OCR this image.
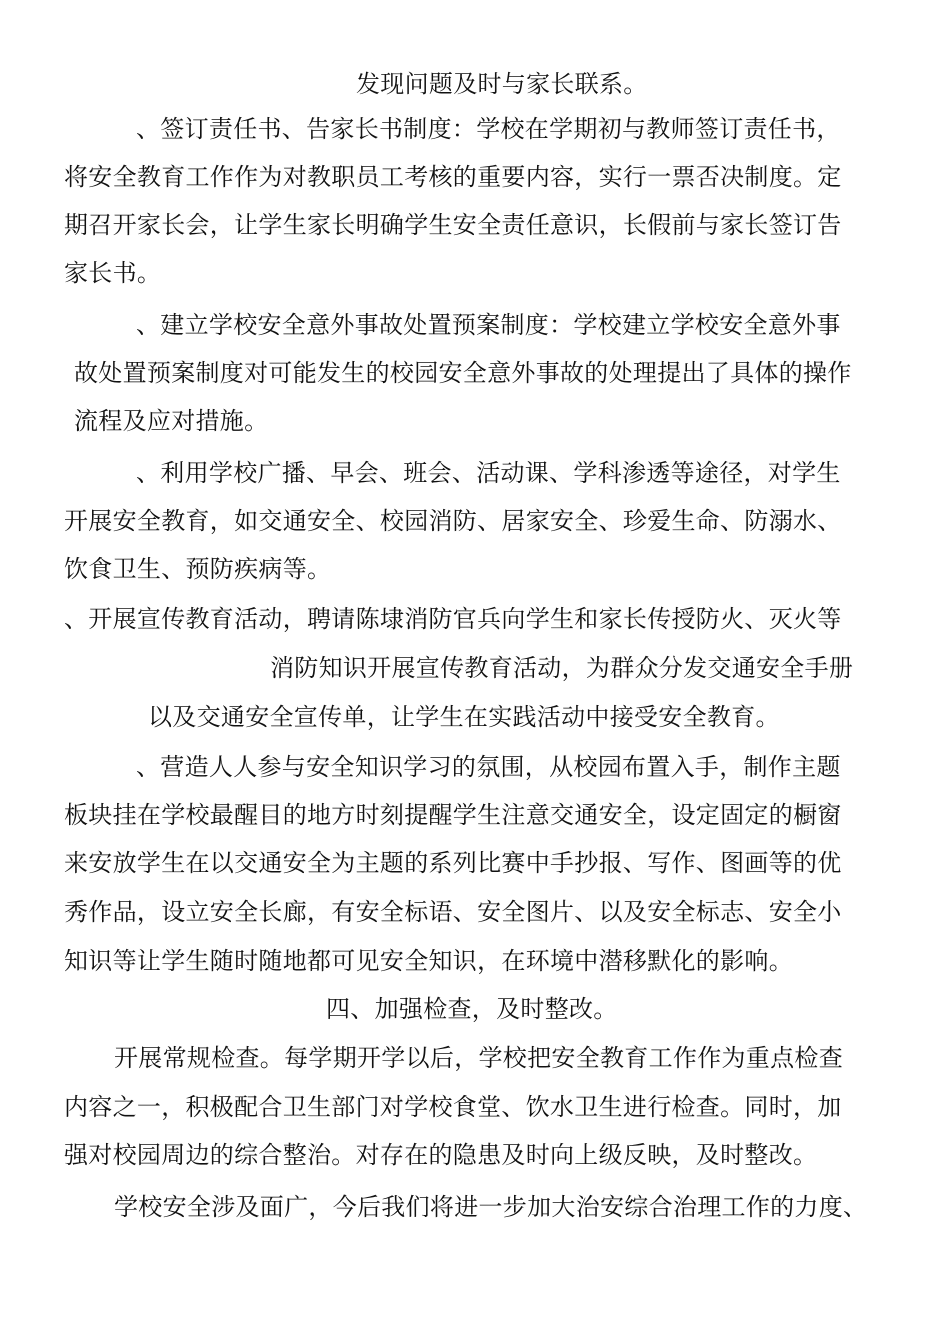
发现问题及时与家长联系。
、签订责任书、告家长书制度：学校在学期初与教师签订责任书，
将安全教育工作作为对教职员工考核的重要内容，实行一票否决制度。定
期召开家长会，让学生家长明确学生安全责任意识，长假前与家长签订告
家长书。
、建立学校安全意外事故处置预案制度：学校建立学校安全意外事
故处置预案制度对可能发生的校园安全意外事故的处理提出了具体的操作
流程及应对措施。
、利用学校广播、早会、班会、活动课、学科渗透等途径，对学生
开展安全教育，如交通安全、校园消防、居家安全、珍爱生命、防溺水、
饮食卫生、预防疾病等。
、开展宣传教育活动，聘请陈埭消防官兵向学生和家长传授防火、灭火等
消防知识开展宣传教育活动，为群众分发交通安全手册
以及交通安全宣传单，让学生在实践活动中接受安全教育。
、营造人人参与安全知识学习的氛围，从校园布置入手，制作主题
板块挂在学校最醒目的地方时刻提醒学生注意交通安全，设定固定的橱窗
来安放学生在以交通安全为主题的系列比赛中手抄报、写作、图画等的优
秀作品，设立安全长廊，有安全标语、安全图片、以及安全标志、安全小
知识等让学生随时随地都可见安全知识，在环境中潜移默化的影响。
四、加强检查，及时整改。
开展常规检查。每学期开学以后，学校把安全教育工作作为重点检查
内容之一，积极配合卫生部门对学校食堂、饮水卫生进行检查。同时，加
强对校园周边的综合整治。对存在的隐患及时向上级反映，及时整改。
学校安全涉及面广，今后我们将进一步加大治安综合治理工作的力度、
